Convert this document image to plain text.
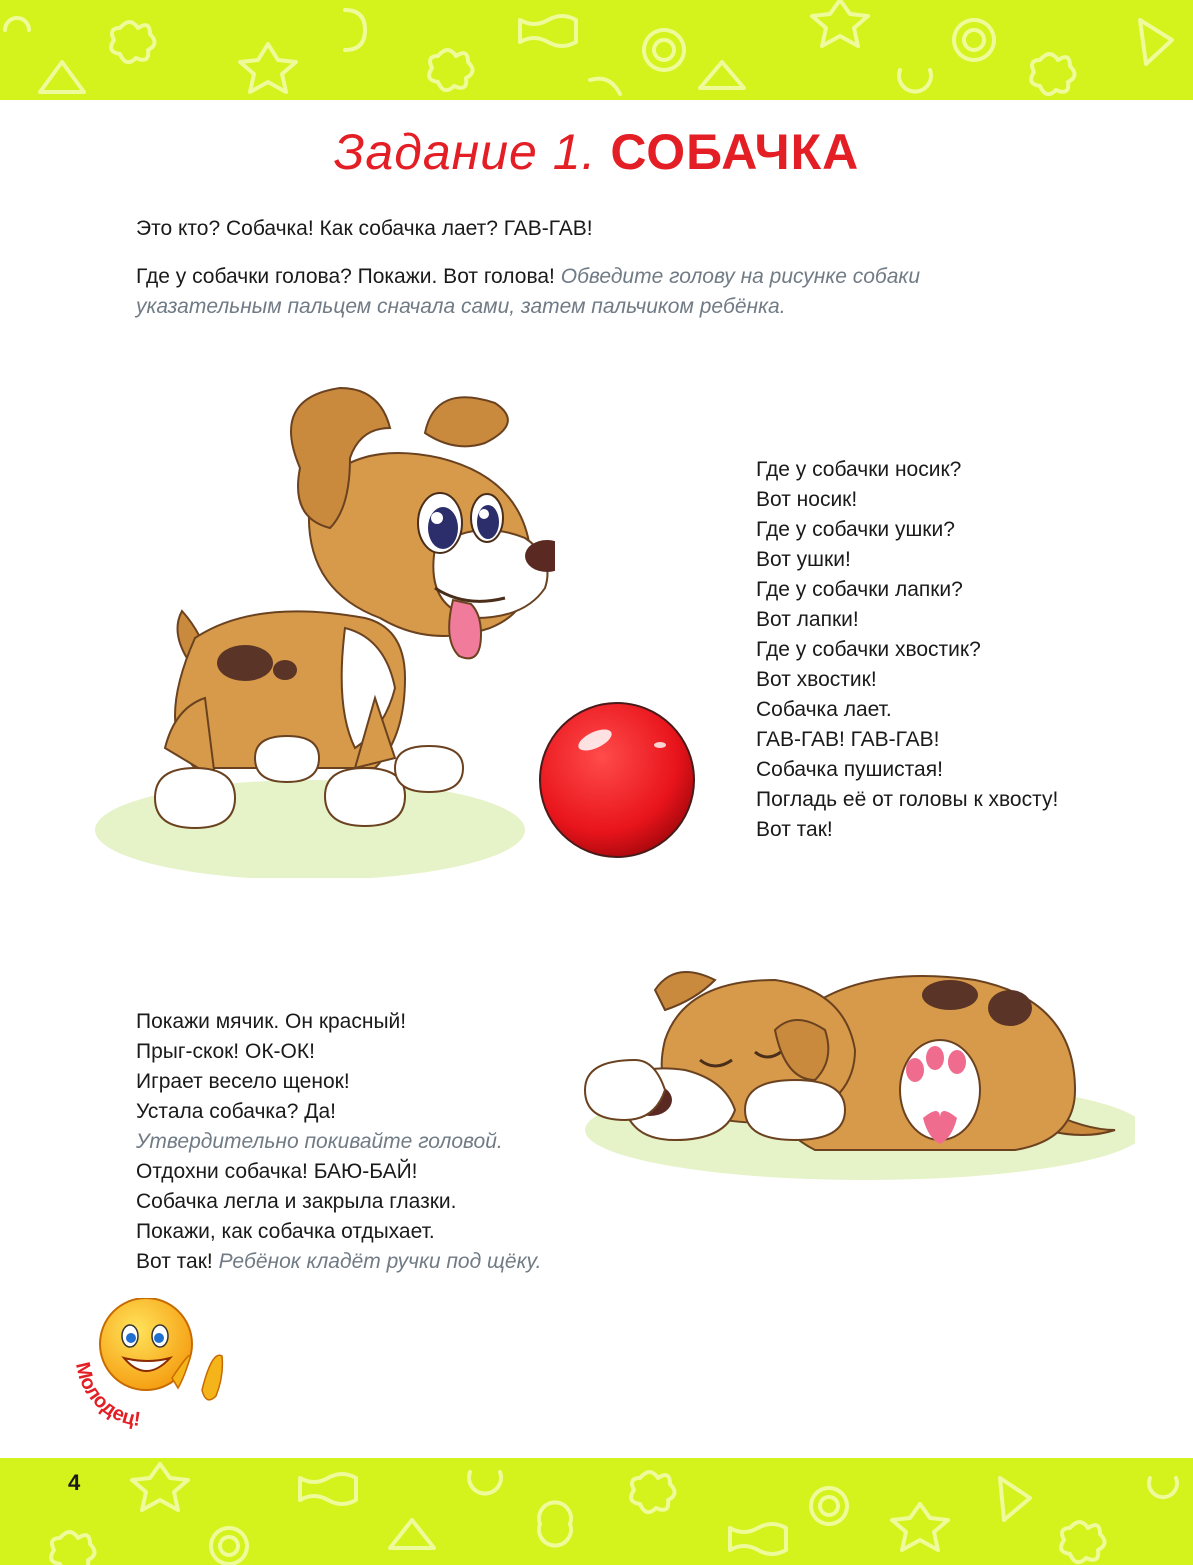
Задание 1. СОБАЧКА

Это кто? Собачка! Как собачка лает? ГАВ-ГАВ!

Где у собачки голова? Покажи. Вот голова! Обведите голову на рисунке собаки указательным пальцем сначала сами, затем пальчиком ребёнка.

Где у собачки носик?
Вот носик!
Где у собачки ушки?
Вот ушки!
Где у собачки лапки?
Вот лапки!
Где у собачки хвостик?
Вот хвостик!
Собачка лает.
ГАВ-ГАВ! ГАВ-ГАВ!
Собачка пушистая!
Погладь её от головы к хвосту!
Вот так!
Покажи мячик. Он красный!
Прыг-скок! ОК-ОК!
Играет весело щенок!
Устала собачка? Да!
Утвердительно покивайте головой.
Отдохни собачка! БАЮ-БАЙ!
Собачка легла и закрыла глазки.
Покажи, как собачка отдыхает.
Вот так! Ребёнок кладёт ручки под щёку.
Молодец!
4
